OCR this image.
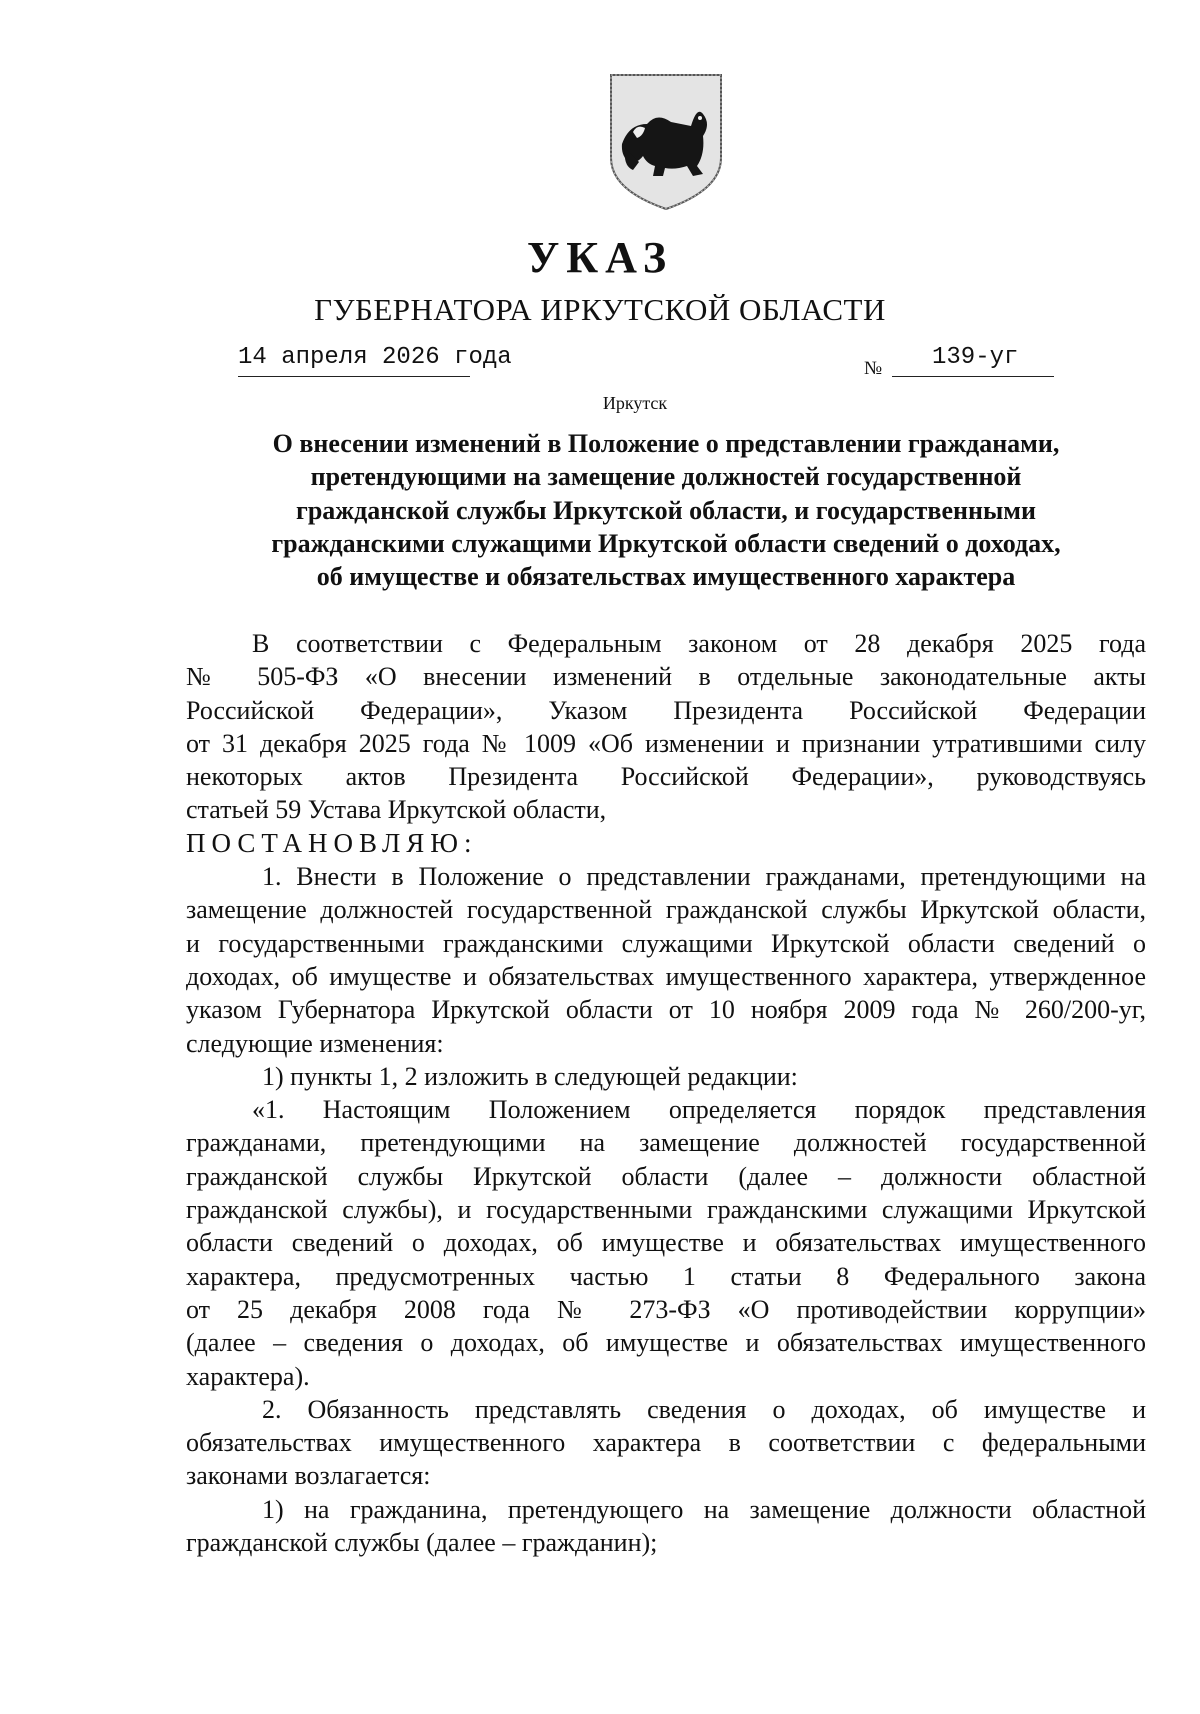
УКАЗ
ГУБЕРНАТОРА ИРКУТСКОЙ ОБЛАСТИ
14 апреля 2026 года	№ 139-уг
Иркутск
О внесении изменений в Положение о представлении гражданами,
претендующими на замещение должностей государственной
гражданской службы Иркутской области, и государственными
гражданскими служащими Иркутской области сведений о доходах,
об имуществе и обязательствах имущественного характера
В соответствии с Федеральным законом от 28 декабря 2025 года
№ 505-ФЗ «О внесении изменений в отдельные законодательные акты
Российской Федерации», Указом Президента Российской Федерации
от 31 декабря 2025 года № 1009 «Об изменении и признании утратившими силу
некоторых актов Президента Российской Федерации», руководствуясь
статьей 59 Устава Иркутской области,
ПОСТАНОВЛЯЮ:
1. Внести в Положение о представлении гражданами, претендующими на
замещение должностей государственной гражданской службы Иркутской области,
и государственными гражданскими служащими Иркутской области сведений о
доходах, об имуществе и обязательствах имущественного характера, утвержденное
указом Губернатора Иркутской области от 10 ноября 2009 года № 260/200-уг,
следующие изменения:
1) пункты 1, 2 изложить в следующей редакции:
«1. Настоящим Положением определяется порядок представления
гражданами, претендующими на замещение должностей государственной
гражданской службы Иркутской области (далее – должности областной
гражданской службы), и государственными гражданскими служащими Иркутской
области сведений о доходах, об имуществе и обязательствах имущественного
характера, предусмотренных частью 1 статьи 8 Федерального закона
от 25 декабря 2008 года № 273-ФЗ «О противодействии коррупции»
(далее – сведения о доходах, об имуществе и обязательствах имущественного
характера).
2. Обязанность представлять сведения о доходах, об имуществе и
обязательствах имущественного характера в соответствии с федеральными
законами возлагается:
1) на гражданина, претендующего на замещение должности областной
гражданской службы (далее – гражданин);
